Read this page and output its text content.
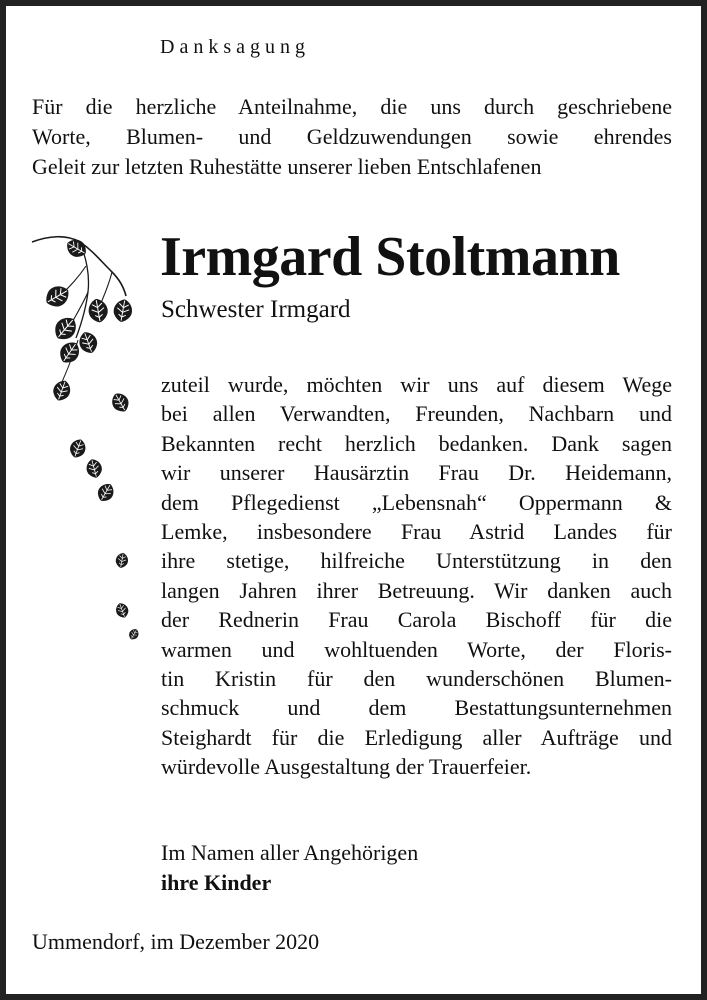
Danksagung
Für die herzliche Anteilnahme, die uns durch geschriebene
Worte, Blumen- und Geldzuwendungen sowie ehrendes
Geleit zur letzten Ruhestätte unserer lieben Entschlafenen
Irmgard Stoltmann
Schwester Irmgard
zuteil wurde, möchten wir uns auf diesem Wege
bei allen Verwandten, Freunden, Nachbarn und
Bekannten recht herzlich bedanken. Dank sagen
wir unserer Hausärztin Frau Dr. Heidemann,
dem Pflegedienst „Lebensnah“ Oppermann &
Lemke, insbesondere Frau Astrid Landes für
ihre stetige, hilfreiche Unterstützung in den
langen Jahren ihrer Betreuung. Wir danken auch
der Rednerin Frau Carola Bischoff für die
warmen und wohltuenden Worte, der Floris-
tin Kristin für den wunderschönen Blumen-
schmuck und dem Bestattungsunternehmen
Steighardt für die Erledigung aller Aufträge und
würdevolle Ausgestaltung der Trauerfeier.
Im Namen aller Angehörigen
ihre Kinder
Ummendorf, im Dezember 2020
